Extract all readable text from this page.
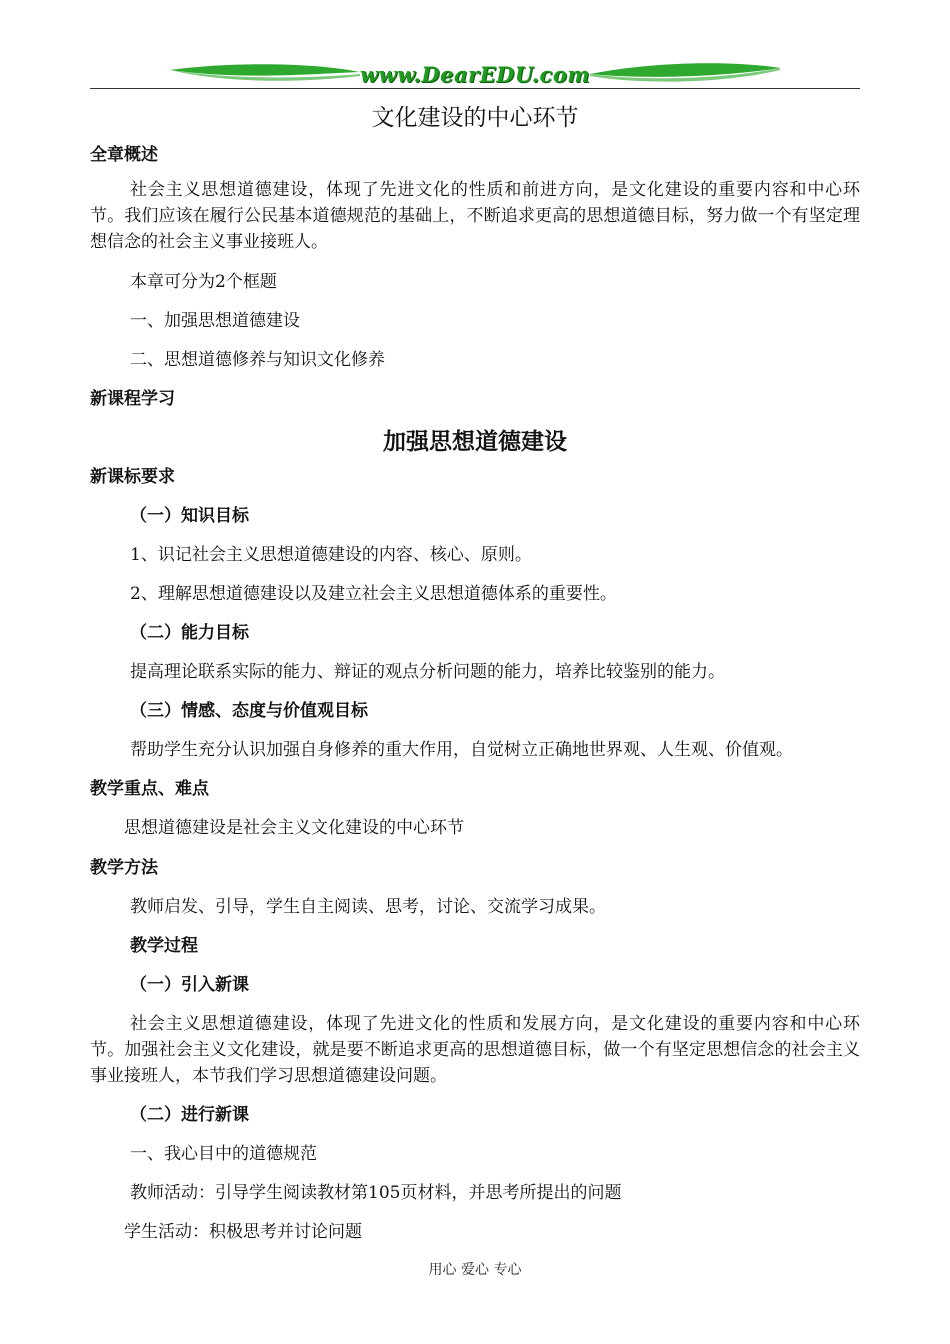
www.DearEDU.com
文化建设的中心环节
全章概述
社会主义思想道德建设，体现了先进文化的性质和前进方向，是文化建设的重要内容和中心环节。我们应该在履行公民基本道德规范的基础上，不断追求更高的思想道德目标，努力做一个有坚定理想信念的社会主义事业接班人。
本章可分为2个框题
一、加强思想道德建设
二、思想道德修养与知识文化修养
新课程学习
加强思想道德建设
新课标要求
（一）知识目标
1、识记社会主义思想道德建设的内容、核心、原则。
2、理解思想道德建设以及建立社会主义思想道德体系的重要性。
（二）能力目标
提高理论联系实际的能力、辩证的观点分析问题的能力，培养比较鉴别的能力。
（三）情感、态度与价值观目标
帮助学生充分认识加强自身修养的重大作用，自觉树立正确地世界观、人生观、价值观。
教学重点、难点
思想道德建设是社会主义文化建设的中心环节
教学方法
教师启发、引导，学生自主阅读、思考，讨论、交流学习成果。
教学过程
（一）引入新课
社会主义思想道德建设，体现了先进文化的性质和发展方向，是文化建设的重要内容和中心环节。加强社会主义文化建设，就是要不断追求更高的思想道德目标，做一个有坚定思想信念的社会主义事业接班人，本节我们学习思想道德建设问题。
（二）进行新课
一、我心目中的道德规范
教师活动：引导学生阅读教材第105页材料，并思考所提出的问题
学生活动：积极思考并讨论问题
用心 爱心 专心
